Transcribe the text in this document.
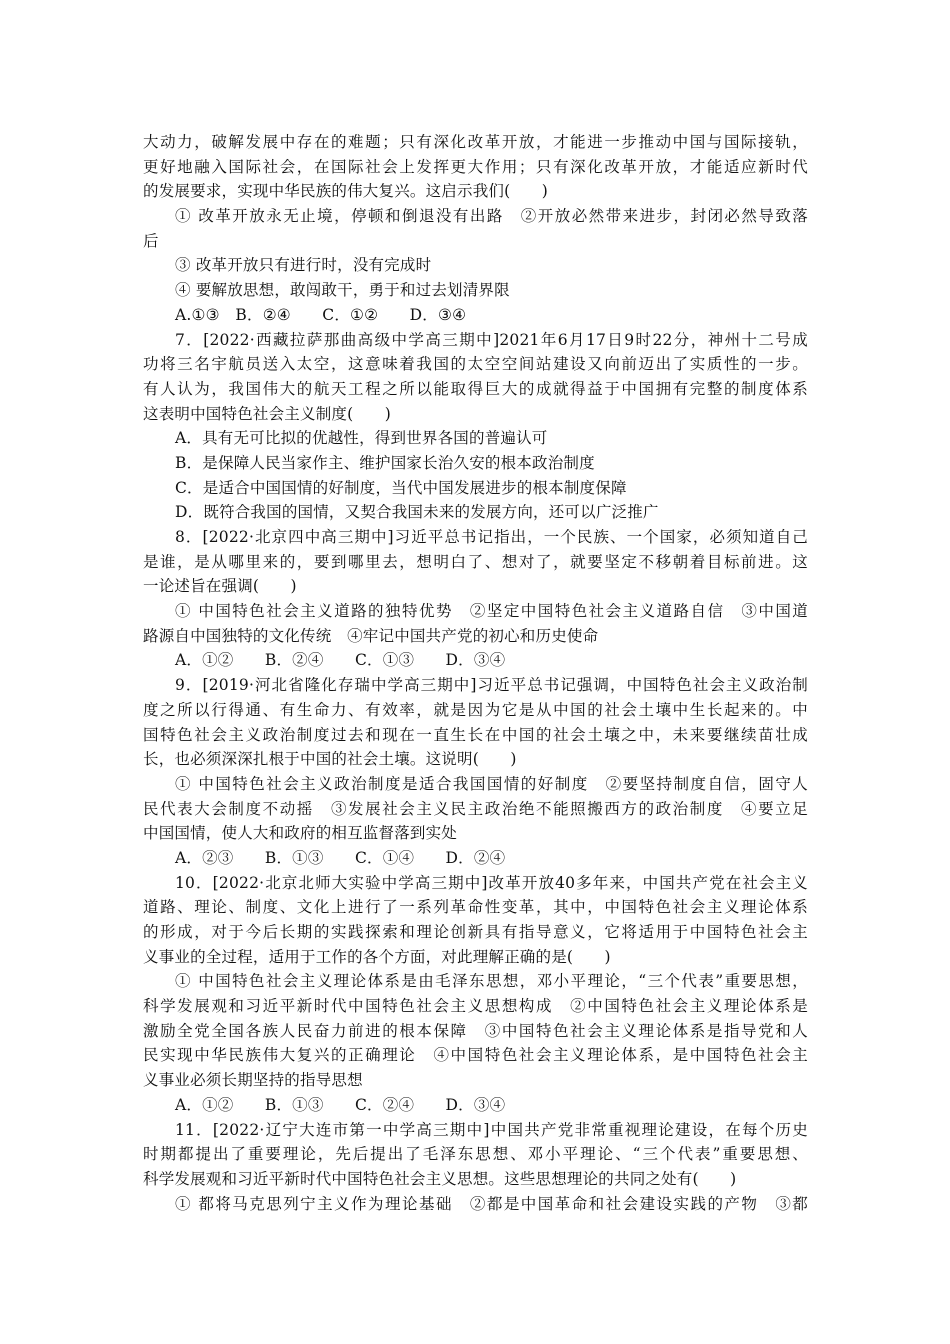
大动力，破解发展中存在的难题；只有深化改革开放，才能进一步推动中国与国际接轨，
更好地融入国际社会，在国际社会上发挥更大作用；只有深化改革开放，才能适应新时代
的发展要求，实现中华民族的伟大复兴。这启示我们(　　)
① 改革开放永无止境，停顿和倒退没有出路　②开放必然带来进步，封闭必然导致落
后
③ 改革开放只有进行时，没有完成时
④ 要解放思想，敢闯敢干，勇于和过去划清界限
A.①③　B．②④　　C．①②　　D．③④
7．[2022·西藏拉萨那曲高级中学高三期中]2021年6月17日9时22分，神州十二号成
功将三名宇航员送入太空，这意味着我国的太空空间站建设又向前迈出了实质性的一步。
有人认为，我国伟大的航天工程之所以能取得巨大的成就得益于中国拥有完整的制度体系
这表明中国特色社会主义制度(　　)
A．具有无可比拟的优越性，得到世界各国的普遍认可
B．是保障人民当家作主、维护国家长治久安的根本政治制度
C．是适合中国国情的好制度，当代中国发展进步的根本制度保障
D．既符合我国的国情，又契合我国未来的发展方向，还可以广泛推广
8．[2022·北京四中高三期中]习近平总书记指出，一个民族、一个国家，必须知道自己
是谁，是从哪里来的，要到哪里去，想明白了、想对了，就要坚定不移朝着目标前进。这
一论述旨在强调(　　)
① 中国特色社会主义道路的独特优势　②坚定中国特色社会主义道路自信　③中国道
路源自中国独特的文化传统　④牢记中国共产党的初心和历史使命
A．①②　　B．②④　　C．①③　　D．③④
9．[2019·河北省隆化存瑞中学高三期中]习近平总书记强调，中国特色社会主义政治制
度之所以行得通、有生命力、有效率，就是因为它是从中国的社会土壤中生长起来的。中
国特色社会主义政治制度过去和现在一直生长在中国的社会土壤之中，未来要继续苗壮成
长，也必须深深扎根于中国的社会土壤。这说明(　　)
① 中国特色社会主义政治制度是适合我国国情的好制度　②要坚持制度自信，固守人
民代表大会制度不动摇　③发展社会主义民主政治绝不能照搬西方的政治制度　④要立足
中国国情，使人大和政府的相互监督落到实处
A．②③　　B．①③　　C．①④　　D．②④
10．[2022·北京北师大实验中学高三期中]改革开放40多年来，中国共产党在社会主义
道路、理论、制度、文化上进行了一系列革命性变革，其中，中国特色社会主义理论体系
的形成，对于今后长期的实践探索和理论创新具有指导意义，它将适用于中国特色社会主
义事业的全过程，适用于工作的各个方面，对此理解正确的是(　　)
① 中国特色社会主义理论体系是由毛泽东思想，邓小平理论，“三个代表”重要思想，
科学发展观和习近平新时代中国特色社会主义思想构成　②中国特色社会主义理论体系是
激励全党全国各族人民奋力前进的根本保障　③中国特色社会主义理论体系是指导党和人
民实现中华民族伟大复兴的正确理论　④中国特色社会主义理论体系，是中国特色社会主
义事业必须长期坚持的指导思想
A．①②　　B．①③　　C．②④　　D．③④
11．[2022·辽宁大连市第一中学高三期中]中国共产党非常重视理论建设，在每个历史
时期都提出了重要理论，先后提出了毛泽东思想、邓小平理论、“三个代表”重要思想、
科学发展观和习近平新时代中国特色社会主义思想。这些思想理论的共同之处有(　　)
① 都将马克思列宁主义作为理论基础　②都是中国革命和社会建设实践的产物　③都
